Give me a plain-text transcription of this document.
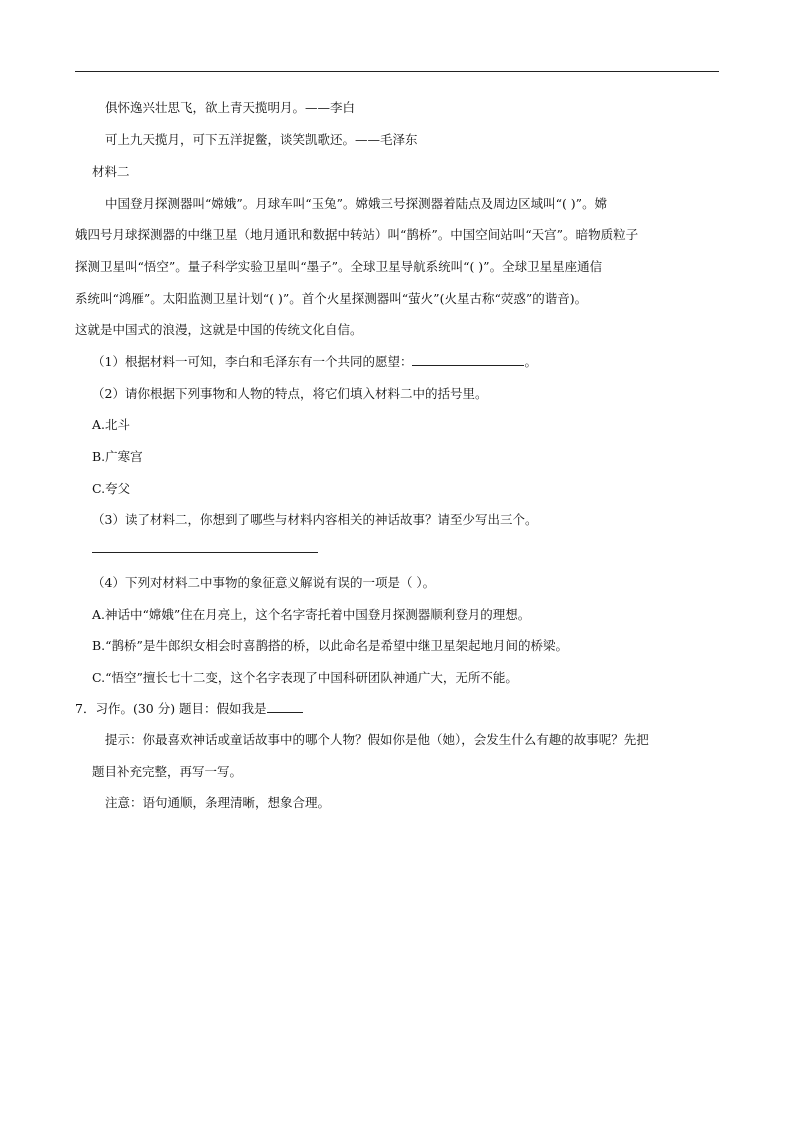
俱怀逸兴壮思飞，欲上青天揽明月。——李白
可上九天揽月，可下五洋捉鳖，谈笑凯歌还。——毛泽东
材料二
中国登月探测器叫“嫦娥”。月球车叫“玉兔”。嫦娥三号探测器着陆点及周边区域叫“( )”。嫦
娥四号月球探测器的中继卫星（地月通讯和数据中转站）叫“鹊桥”。中国空间站叫“天宫”。暗物质粒子
探测卫星叫“悟空”。量子科学实验卫星叫“墨子”。全球卫星导航系统叫“( )”。全球卫星星座通信
系统叫“鸿雁”。太阳监测卫星计划“( )”。首个火星探测器叫“萤火”(火星古称“荧惑”的谐音)。
这就是中国式的浪漫，这就是中国的传统文化自信。
（1）根据材料一可知，李白和毛泽东有一个共同的愿望：	。
（2）请你根据下列事物和人物的特点，将它们填入材料二中的括号里。
A.北斗
B.广寒宫
C.夸父
（3）读了材料二，你想到了哪些与材料内容相关的神话故事？请至少写出三个。
（4）下列对材料二中事物的象征意义解说有误的一项是（ ）。
A.神话中“嫦娥”住在月亮上，这个名字寄托着中国登月探测器顺利登月的理想。
B.“鹊桥”是牛郎织女相会时喜鹊搭的桥，以此命名是希望中继卫星架起地月间的桥梁。
C.“悟空”擅长七十二变，这个名字表现了中国科研团队神通广大，无所不能。
7．习作。(30 分) 题目：假如我是
提示：你最喜欢神话或童话故事中的哪个人物？假如你是他（她），会发生什么有趣的故事呢？先把
题目补充完整，再写一写。
注意：语句通顺，条理清晰，想象合理。
